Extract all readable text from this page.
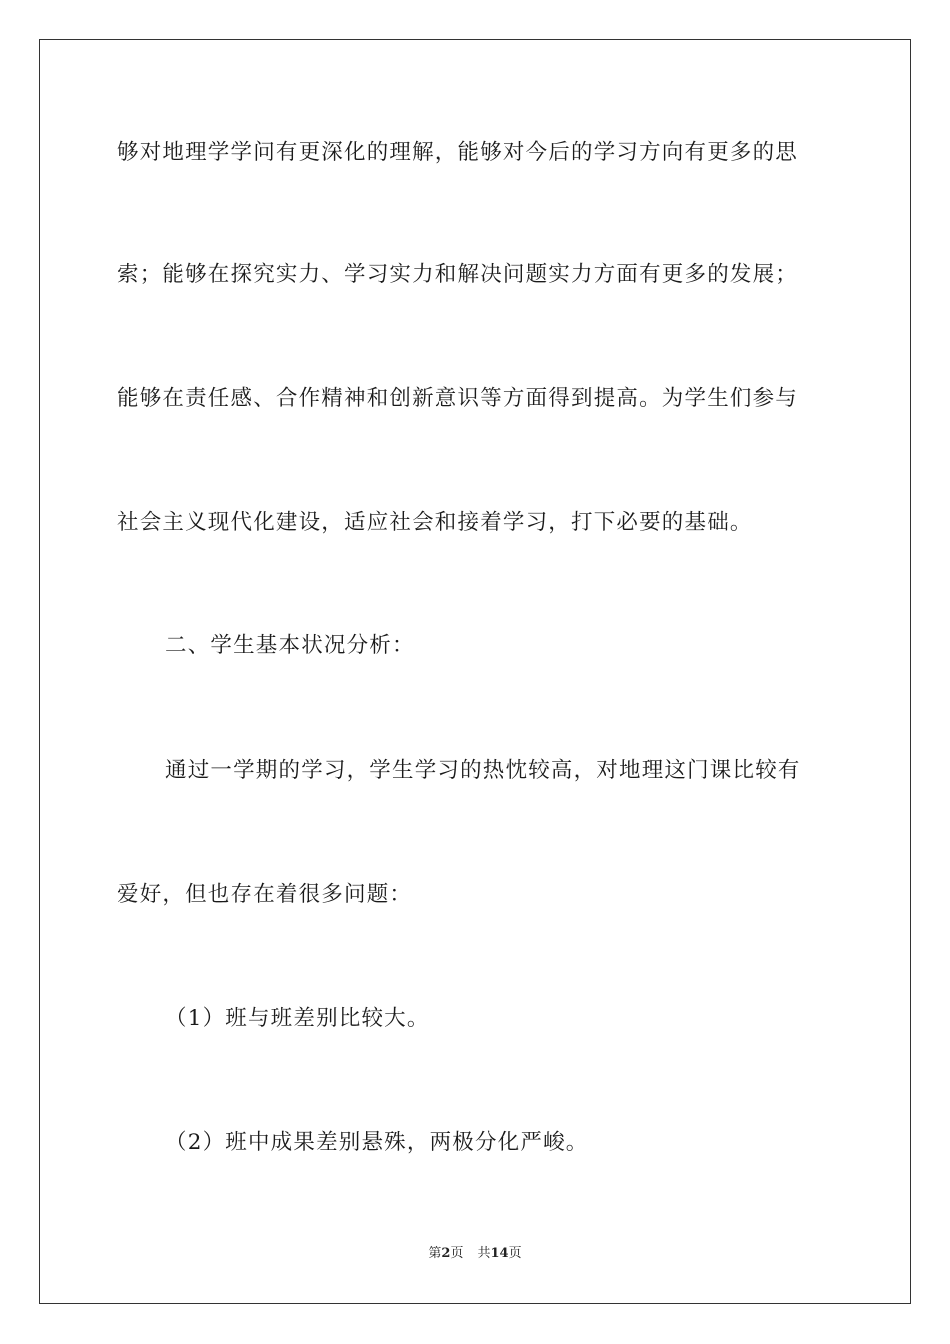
够对地理学学问有更深化的理解，能够对今后的学习方向有更多的思
索；能够在探究实力、学习实力和解决问题实力方面有更多的发展；
能够在责任感、合作精神和创新意识等方面得到提高。为学生们参与
社会主义现代化建设，适应社会和接着学习，打下必要的基础。
二、学生基本状况分析：
通过一学期的学习，学生学习的热忱较高，对地理这门课比较有
爱好，但也存在着很多问题：
（1）班与班差别比较大。
（2）班中成果差别悬殊，两极分化严峻。
第2页 共14页
